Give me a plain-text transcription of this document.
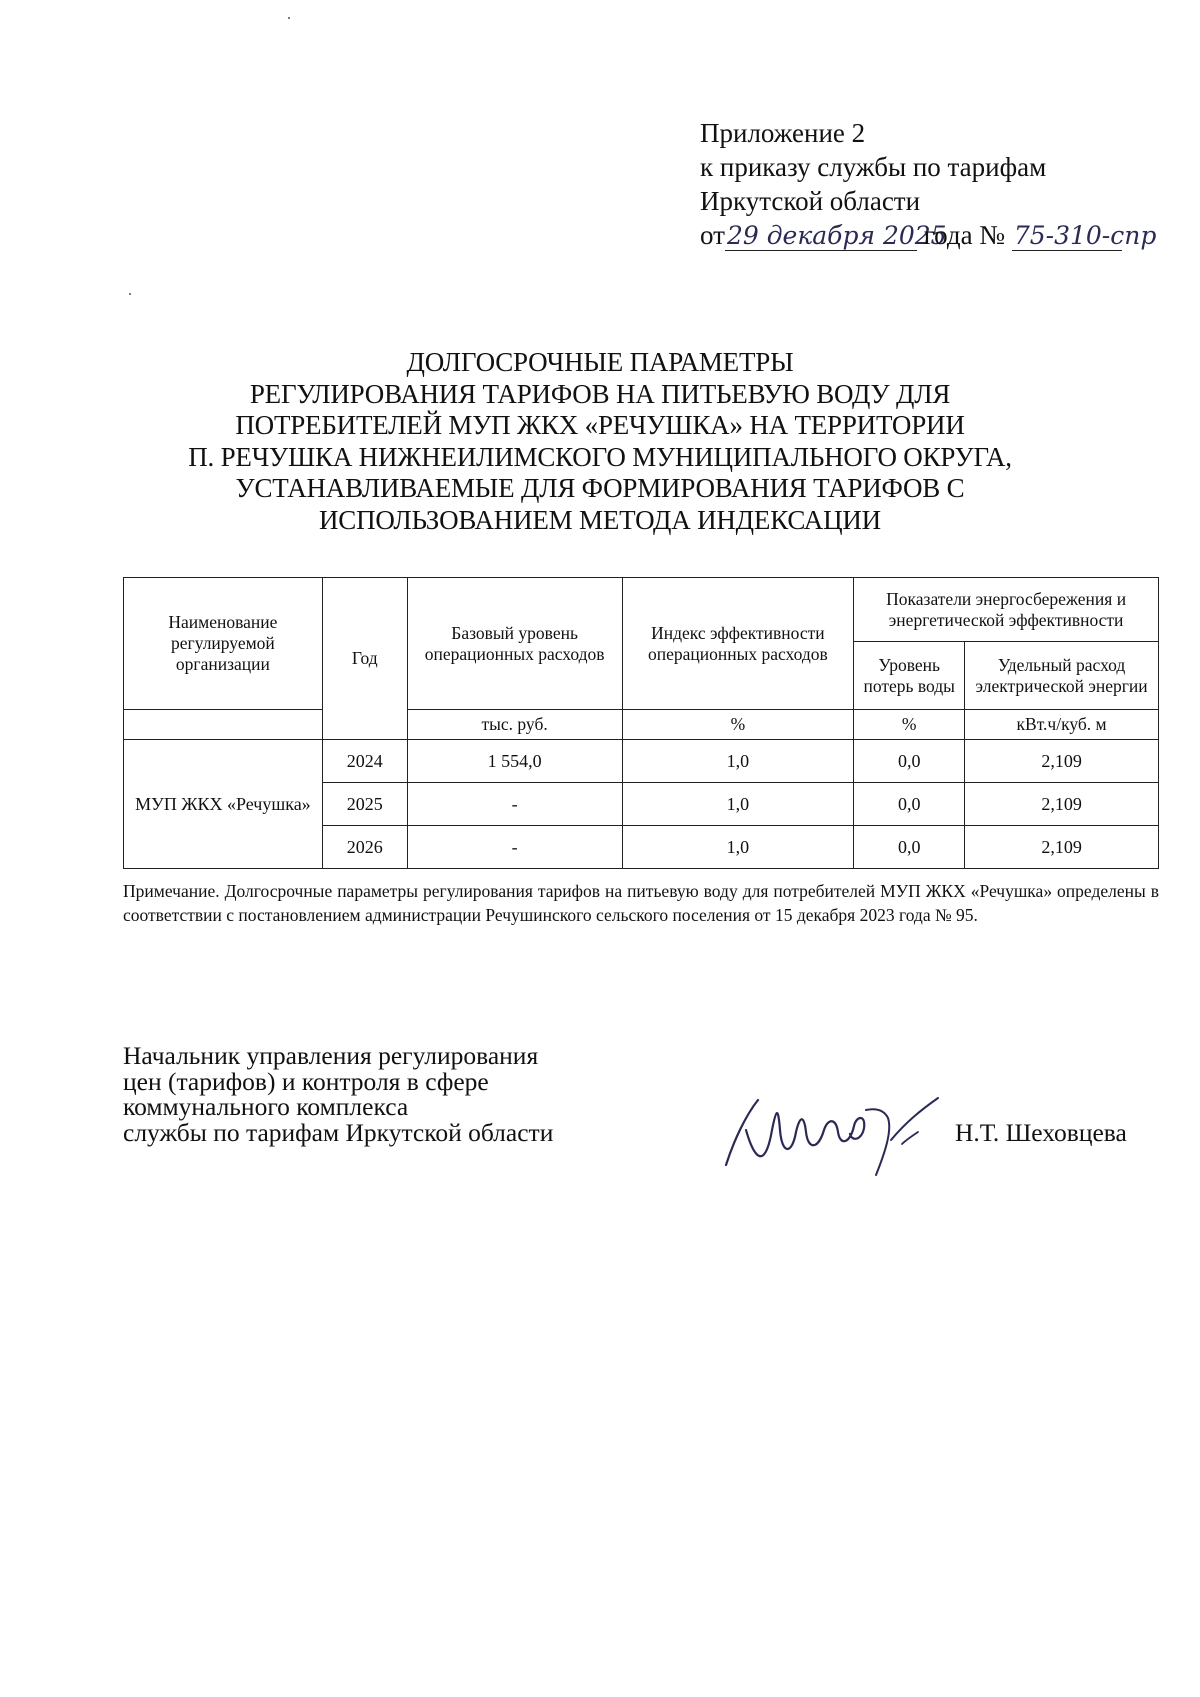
Приложение 2
к приказу службы по тарифам
Иркутской области
от29 декабря 2025 года № 75-310-спр
ДОЛГОСРОЧНЫЕ ПАРАМЕТРЫ
РЕГУЛИРОВАНИЯ ТАРИФОВ НА ПИТЬЕВУЮ ВОДУ ДЛЯ
ПОТРЕБИТЕЛЕЙ МУП ЖКХ «РЕЧУШКА» НА ТЕРРИТОРИИ
П. РЕЧУШКА НИЖНЕИЛИМСКОГО МУНИЦИПАЛЬНОГО ОКРУГА,
УСТАНАВЛИВАЕМЫЕ ДЛЯ ФОРМИРОВАНИЯ ТАРИФОВ С
ИСПОЛЬЗОВАНИЕМ МЕТОДА ИНДЕКСАЦИИ
Наименование регулируемой организации	Год	Базовый уровень операционных расходов	Индекс эффективности операционных расходов	Показатели энергосбережения и энергетической эффективности	
				Уровень потерь воды	Удельный расход электрической энергии
		тыс. руб.	%	%	кВт.ч/куб. м
МУП ЖКХ «Речушка»	2024	1 554,0	1,0	0,0	2,109
	2025	-	1,0	0,0	2,109
	2026	-	1,0	0,0	2,109
Примечание. Долгосрочные параметры регулирования тарифов на питьевую воду для потребителей МУП ЖКХ «Речушка» определены в соответствии с постановлением администрации Речушинского сельского поселения от 15 декабря 2023 года № 95.
Начальник управления регулирования
цен (тарифов) и контроля в сфере
коммунального комплекса
службы по тарифам Иркутской области	Н.Т. Шеховцева
